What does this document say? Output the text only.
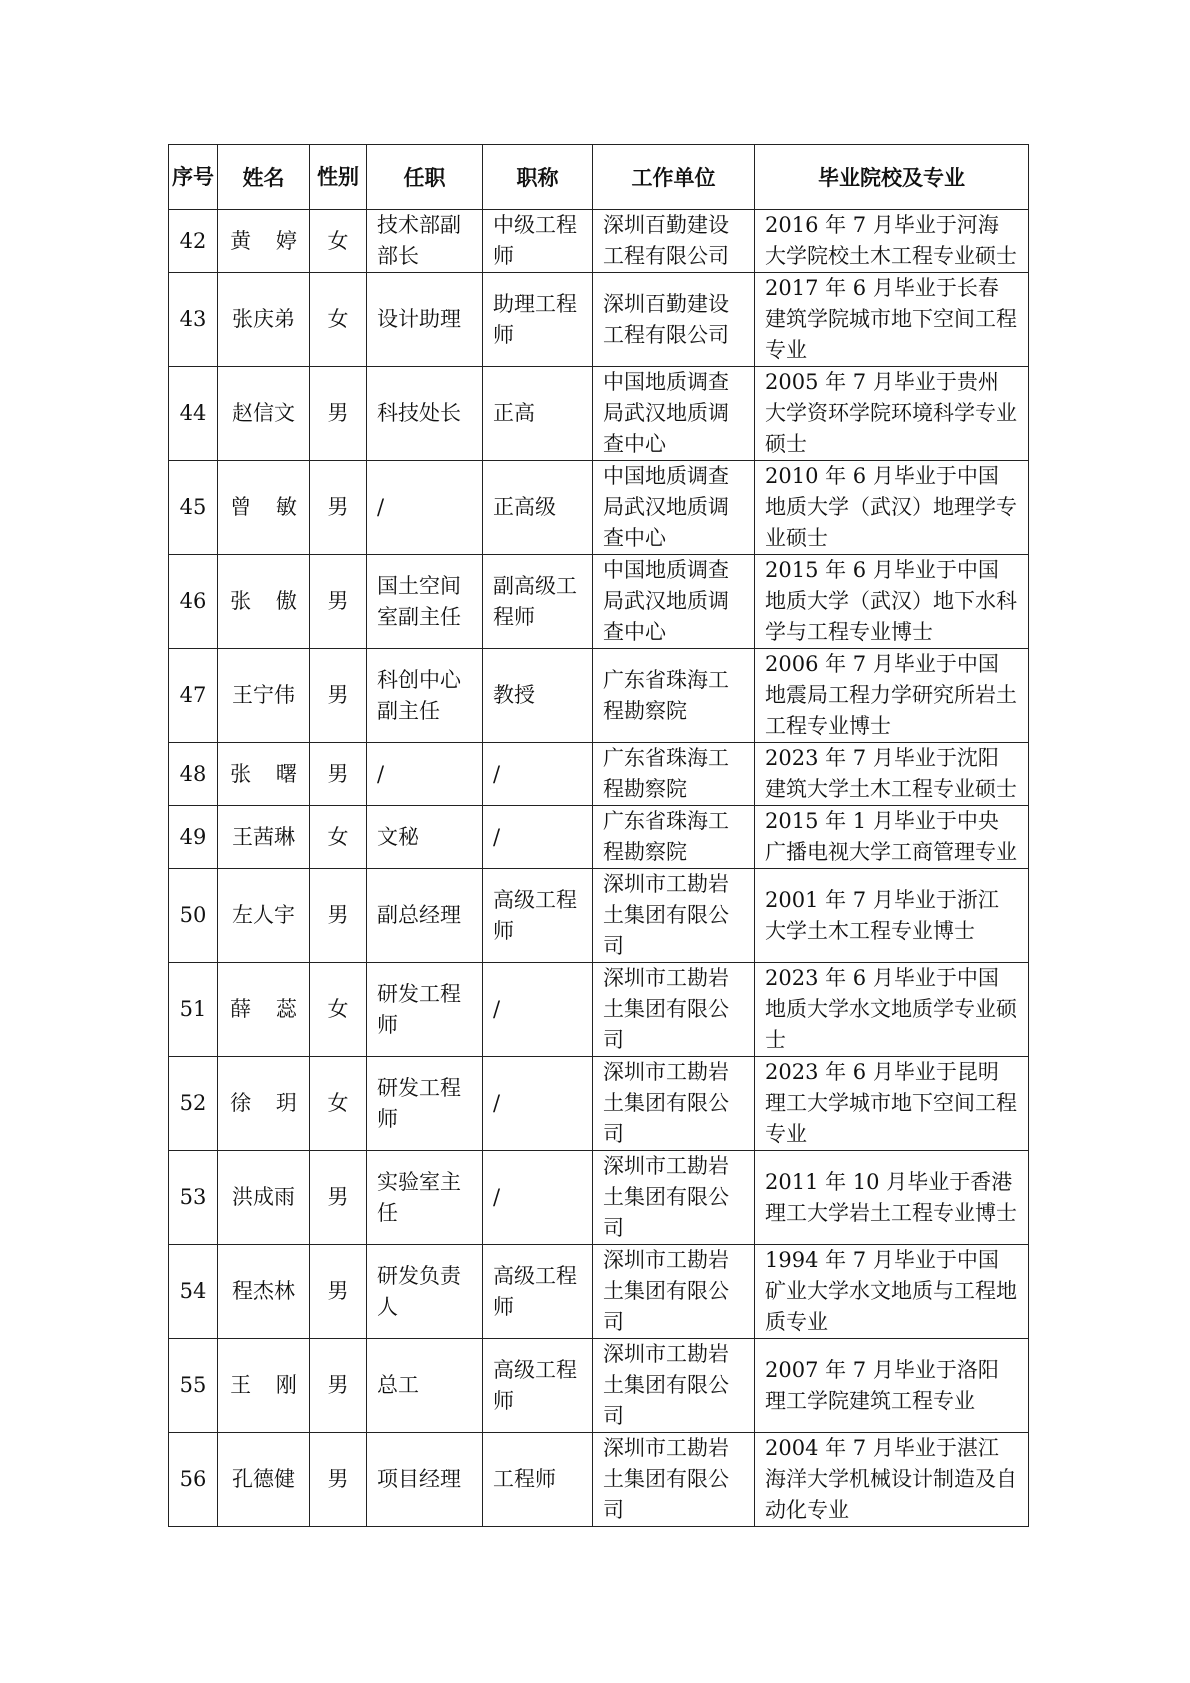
序号	姓名	性别	任职	职称	工作单位	毕业院校及专业
42	黄 婷	女	技术部副部长	中级工程师	深圳百勤建设工程有限公司	2016 年 7 月毕业于河海大学院校土木工程专业硕士
43	张庆弟	女	设计助理	助理工程师	深圳百勤建设工程有限公司	2017 年 6 月毕业于长春建筑学院城市地下空间工程专业
44	赵信文	男	科技处长	正高	中国地质调查局武汉地质调查中心	2005 年 7 月毕业于贵州大学资环学院环境科学专业硕士
45	曾 敏	男	/	正高级	中国地质调查局武汉地质调查中心	2010 年 6 月毕业于中国地质大学（武汉）地理学专业硕士
46	张 傲	男	国土空间室副主任	副高级工程师	中国地质调查局武汉地质调查中心	2015 年 6 月毕业于中国地质大学（武汉）地下水科学与工程专业博士
47	王宁伟	男	科创中心副主任	教授	广东省珠海工程勘察院	2006 年 7 月毕业于中国地震局工程力学研究所岩土工程专业博士
48	张 曙	男	/	/	广东省珠海工程勘察院	2023 年 7 月毕业于沈阳建筑大学土木工程专业硕士
49	王茜琳	女	文秘	/	广东省珠海工程勘察院	2015 年 1 月毕业于中央广播电视大学工商管理专业
50	左人宇	男	副总经理	高级工程师	深圳市工勘岩土集团有限公司	2001 年 7 月毕业于浙江大学土木工程专业博士
51	薛 蕊	女	研发工程师	/	深圳市工勘岩土集团有限公司	2023 年 6 月毕业于中国地质大学水文地质学专业硕士
52	徐 玥	女	研发工程师	/	深圳市工勘岩土集团有限公司	2023 年 6 月毕业于昆明理工大学城市地下空间工程专业
53	洪成雨	男	实验室主任	/	深圳市工勘岩土集团有限公司	2011 年 10 月毕业于香港理工大学岩土工程专业博士
54	程杰林	男	研发负责人	高级工程师	深圳市工勘岩土集团有限公司	1994 年 7 月毕业于中国矿业大学水文地质与工程地质专业
55	王 刚	男	总工	高级工程师	深圳市工勘岩土集团有限公司	2007 年 7 月毕业于洛阳理工学院建筑工程专业
56	孔德健	男	项目经理	工程师	深圳市工勘岩土集团有限公司	2004 年 7 月毕业于湛江海洋大学机械设计制造及自动化专业
